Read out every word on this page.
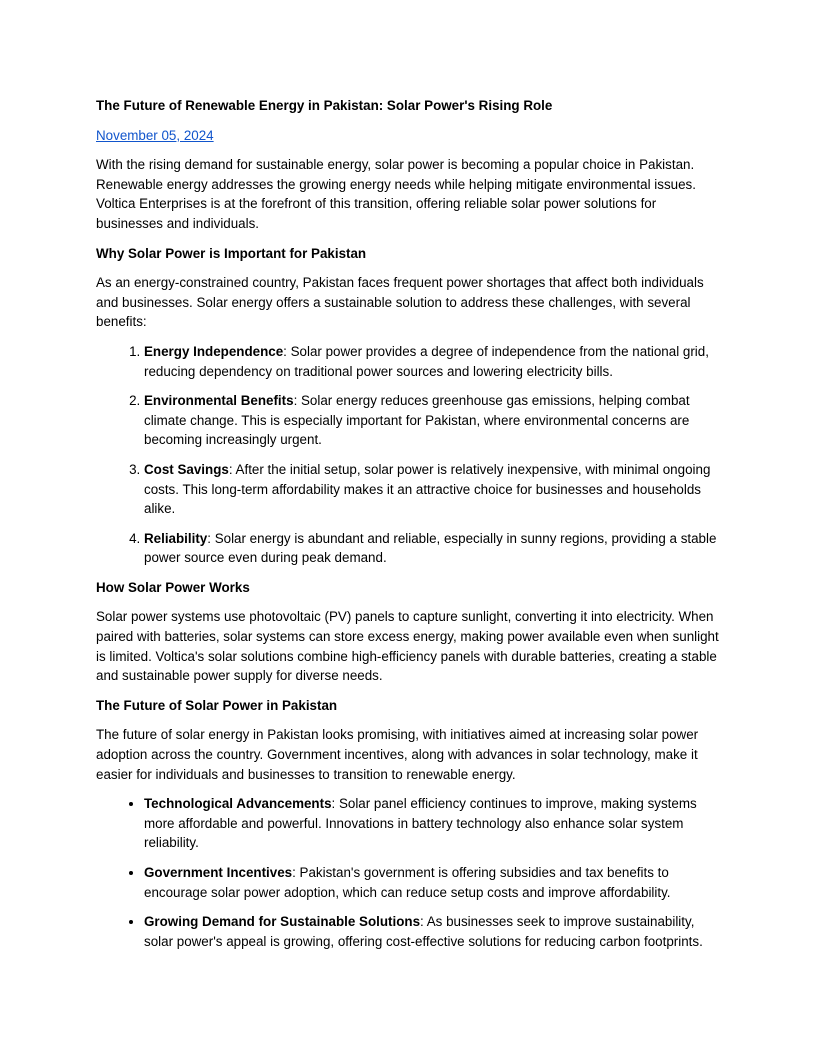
The Future of Renewable Energy in Pakistan: Solar Power's Rising Role
November 05, 2024

With the rising demand for sustainable energy, solar power is becoming a popular choice in Pakistan. Renewable energy addresses the growing energy needs while helping mitigate environmental issues. Voltica Enterprises is at the forefront of this transition, offering reliable solar power solutions for businesses and individuals.

Why Solar Power is Important for Pakistan

As an energy-constrained country, Pakistan faces frequent power shortages that affect both individuals and businesses. Solar energy offers a sustainable solution to address these challenges, with several benefits:

1. Energy Independence: Solar power provides a degree of independence from the national grid, reducing dependency on traditional power sources and lowering electricity bills.
2. Environmental Benefits: Solar energy reduces greenhouse gas emissions, helping combat climate change. This is especially important for Pakistan, where environmental concerns are becoming increasingly urgent.
3. Cost Savings: After the initial setup, solar power is relatively inexpensive, with minimal ongoing costs. This long-term affordability makes it an attractive choice for businesses and households alike.
4. Reliability: Solar energy is abundant and reliable, especially in sunny regions, providing a stable power source even during peak demand.
How Solar Power Works

Solar power systems use photovoltaic (PV) panels to capture sunlight, converting it into electricity. When paired with batteries, solar systems can store excess energy, making power available even when sunlight is limited. Voltica's solar solutions combine high-efficiency panels with durable batteries, creating a stable and sustainable power supply for diverse needs.

The Future of Solar Power in Pakistan

The future of solar energy in Pakistan looks promising, with initiatives aimed at increasing solar power adoption across the country. Government incentives, along with advances in solar technology, make it easier for individuals and businesses to transition to renewable energy.

• Technological Advancements: Solar panel efficiency continues to improve, making systems more affordable and powerful. Innovations in battery technology also enhance solar system reliability.
• Government Incentives: Pakistan's government is offering subsidies and tax benefits to encourage solar power adoption, which can reduce setup costs and improve affordability.
• Growing Demand for Sustainable Solutions: As businesses seek to improve sustainability, solar power's appeal is growing, offering cost-effective solutions for reducing carbon footprints.
